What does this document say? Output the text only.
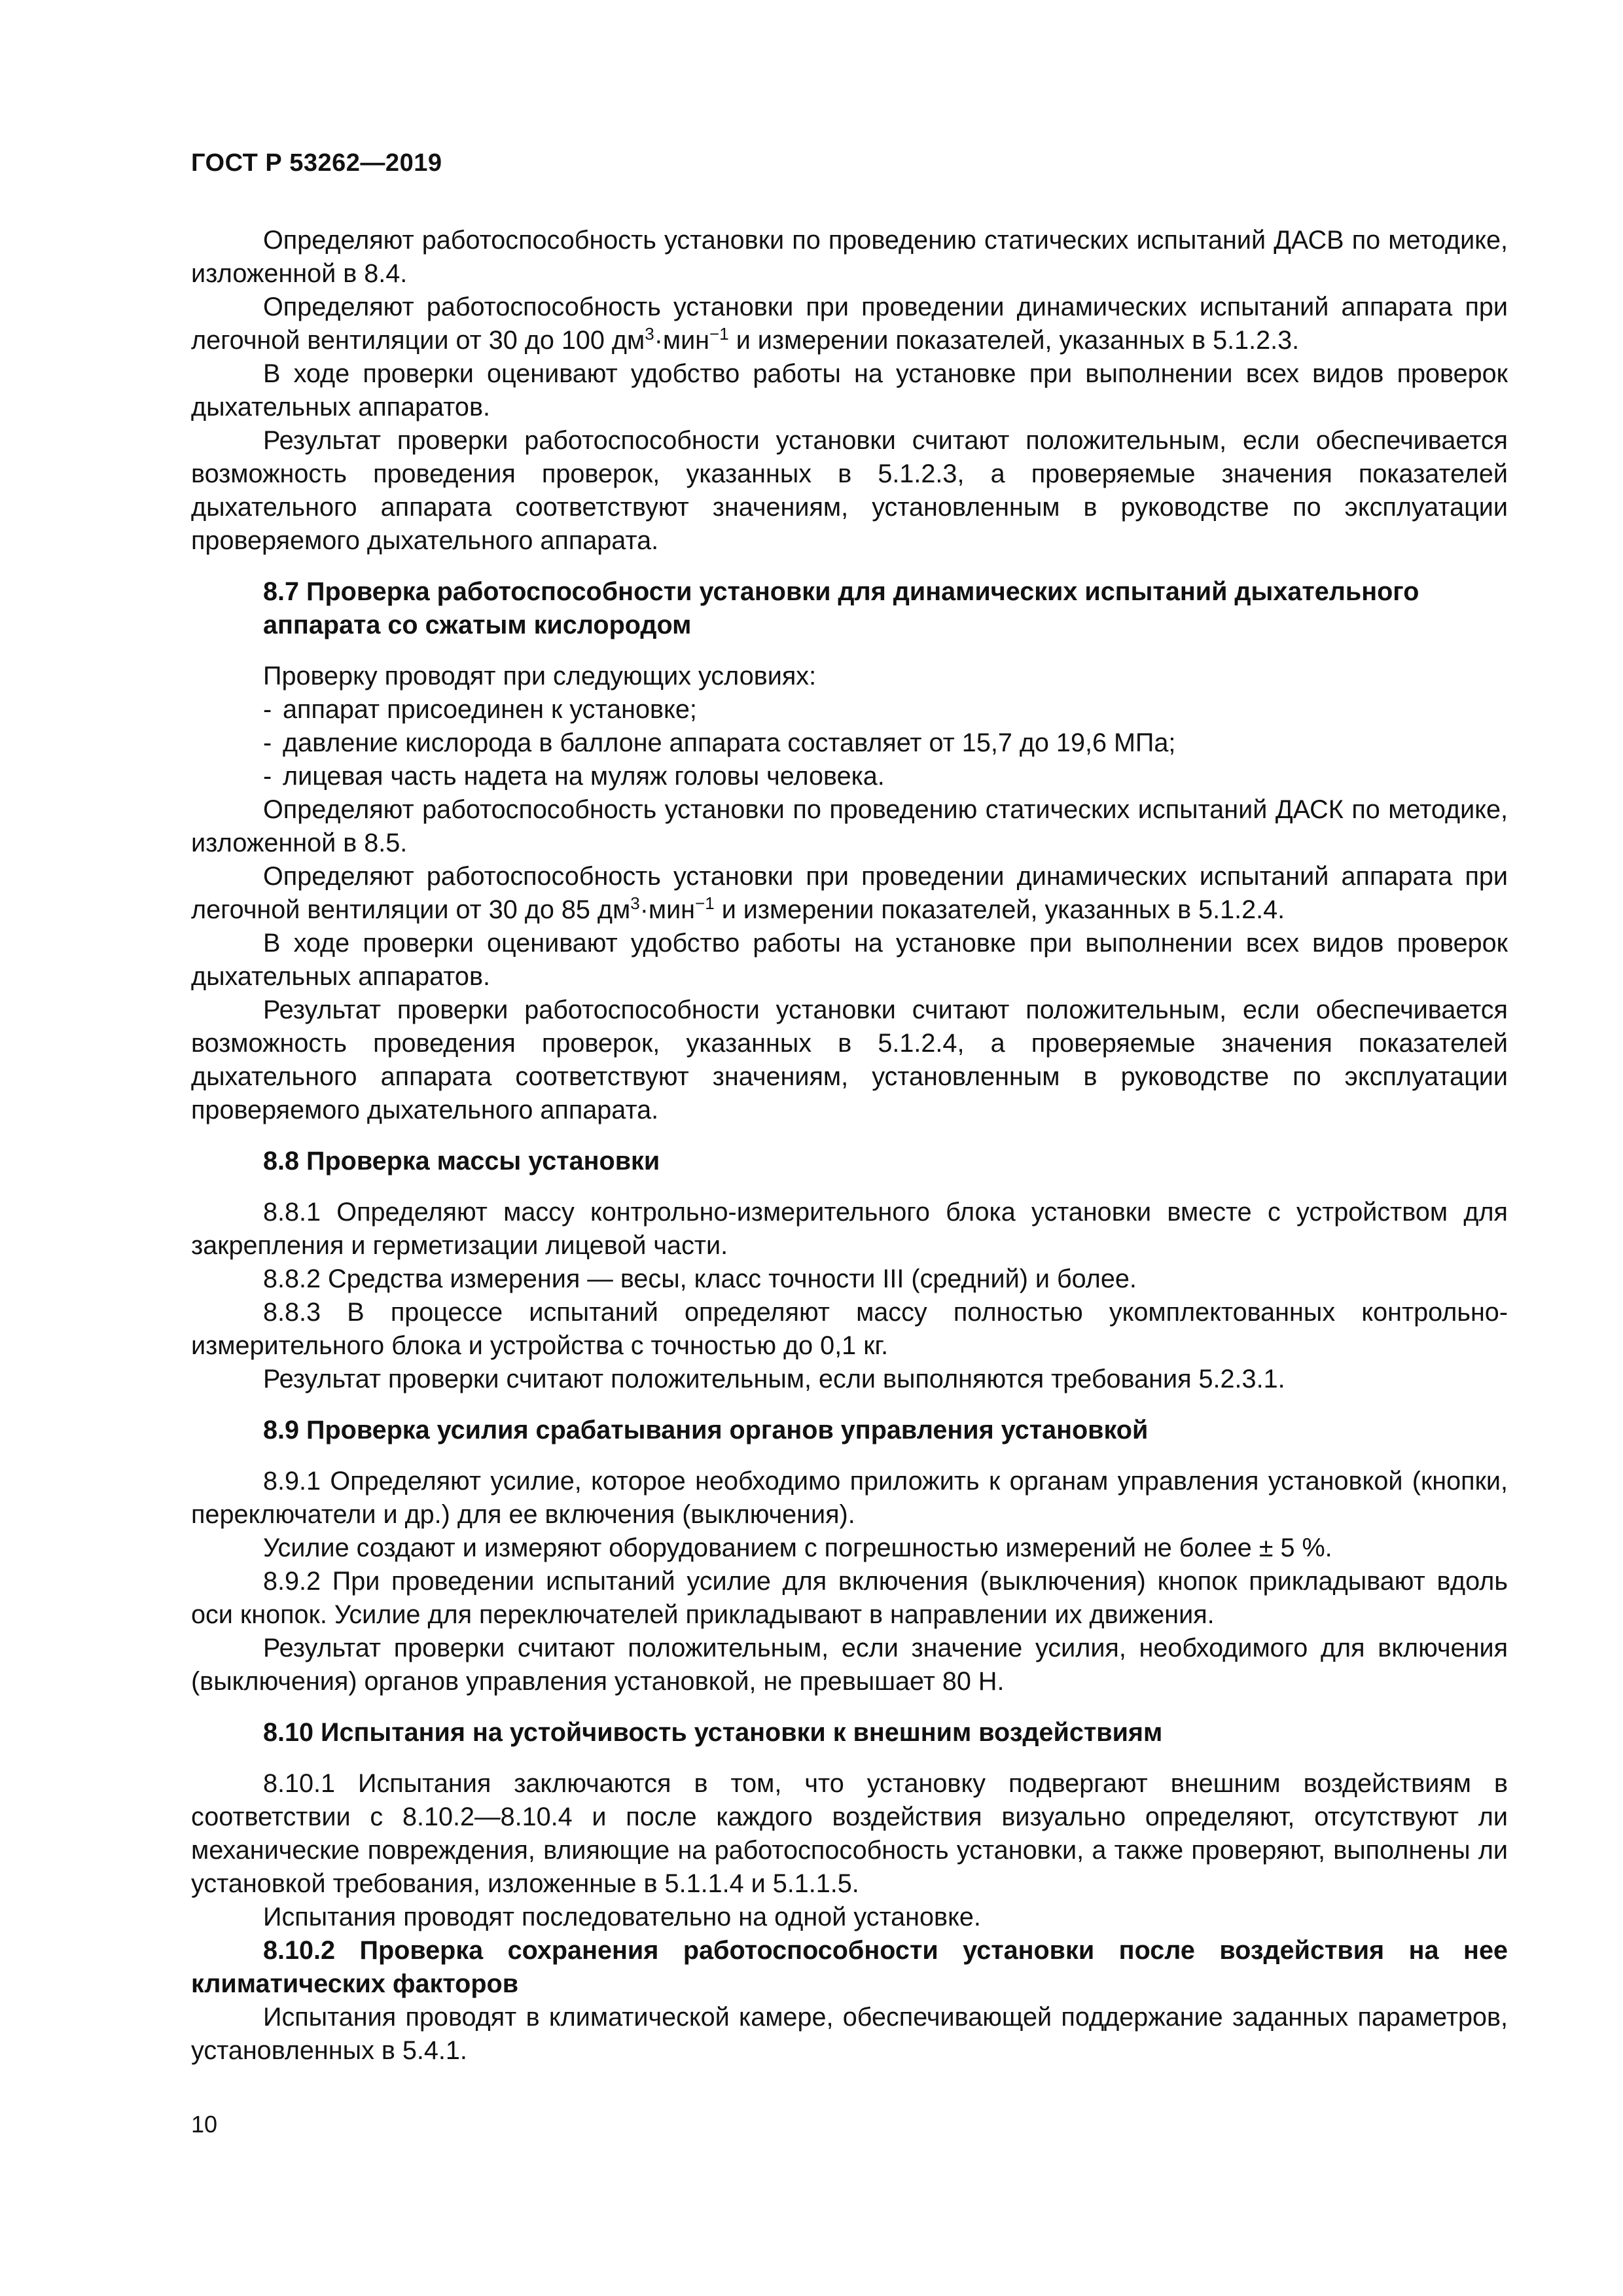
ГОСТ Р 53262—2019

Определяют работоспособность установки по проведению статических испытаний ДАСВ по методике, изложенной в 8.4.

Определяют работоспособность установки при проведении динамических испытаний аппарата при легочной вентиляции от 30 до 100 $дм^3\cdot мин^{-1}$ и измерении показателей, указанных в 5.1.2.3.

В ходе проверки оценивают удобство работы на установке при выполнении всех видов проверок дыхательных аппаратов.

Результат проверки работоспособности установки считают положительным, если обеспечивается возможность проведения проверок, указанных в 5.1.2.3, а проверяемые значения показателей дыхательного аппарата соответствуют значениям, установленным в руководстве по эксплуатации проверяемого дыхательного аппарата.

8.7 Проверка работоспособности установки для динамических испытаний дыхательного аппарата со сжатым кислородом

Проверку проводят при следующих условиях:

- аппарат присоединен к установке;

- давление кислорода в баллоне аппарата составляет от 15,7 до 19,6 МПа;

- лицевая часть надета на муляж головы человека.

Определяют работоспособность установки по проведению статических испытаний ДАСК по методике, изложенной в 8.5.

Определяют работоспособность установки при проведении динамических испытаний аппарата при легочной вентиляции от 30 до 85 $дм^3\cdot мин^{-1}$ и измерении показателей, указанных в 5.1.2.4.

В ходе проверки оценивают удобство работы на установке при выполнении всех видов проверок дыхательных аппаратов.

Результат проверки работоспособности установки считают положительным, если обеспечивается возможность проведения проверок, указанных в 5.1.2.4, а проверяемые значения показателей дыхательного аппарата соответствуют значениям, установленным в руководстве по эксплуатации проверяемого дыхательного аппарата.

8.8 Проверка массы установки

8.8.1 Определяют массу контрольно-измерительного блока установки вместе с устройством для закрепления и герметизации лицевой части.

8.8.2 Средства измерения — весы, класс точности III (средний) и более.

8.8.3 В процессе испытаний определяют массу полностью укомплектованных контрольно-измерительного блока и устройства с точностью до 0,1 кг.

Результат проверки считают положительным, если выполняются требования 5.2.3.1.

8.9 Проверка усилия срабатывания органов управления установкой

8.9.1 Определяют усилие, которое необходимо приложить к органам управления установкой (кнопки, переключатели и др.) для ее включения (выключения).

Усилие создают и измеряют оборудованием с погрешностью измерений не более ± 5 %.

8.9.2 При проведении испытаний усилие для включения (выключения) кнопок прикладывают вдоль оси кнопок. Усилие для переключателей прикладывают в направлении их движения.

Результат проверки считают положительным, если значение усилия, необходимого для включения (выключения) органов управления установкой, не превышает 80 Н.

8.10 Испытания на устойчивость установки к внешним воздействиям

8.10.1 Испытания заключаются в том, что установку подвергают внешним воздействиям в соответствии с 8.10.2—8.10.4 и после каждого воздействия визуально определяют, отсутствуют ли механические повреждения, влияющие на работоспособность установки, а также проверяют, выполнены ли установкой требования, изложенные в 5.1.1.4 и 5.1.1.5.

Испытания проводят последовательно на одной установке.

8.10.2 Проверка сохранения работоспособности установки после воздействия на нее климатических факторов

Испытания проводят в климатической камере, обеспечивающей поддержание заданных параметров, установленных в 5.4.1.

10
